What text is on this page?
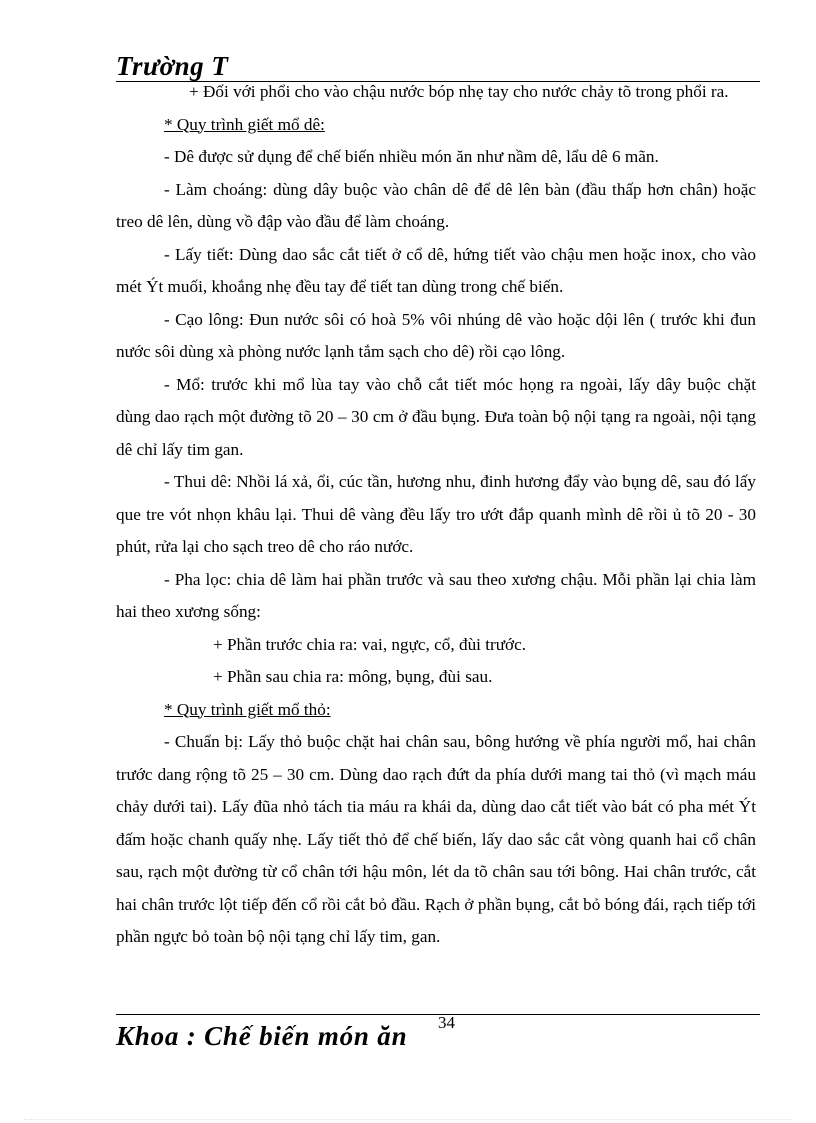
Trường T

+ Đối với phổi cho vào chậu nước bóp nhẹ tay cho nước chảy tõ trong phổi ra.

* Quy trình giết mổ dê:

- Dê được sử dụng để chế biến nhiều món ăn như nầm dê, lẩu dê 6 mãn.

- Làm choáng: dùng dây buộc vào chân dê để dê lên bàn (đầu thấp hơn chân) hoặc treo dê lên, dùng vồ đập vào đầu để làm choáng.

- Lấy tiết: Dùng dao sắc cắt tiết ở cổ dê, hứng tiết vào chậu men hoặc inox, cho vào mét Ýt muối, khoắng nhẹ đều tay để tiết tan dùng trong chế biến.

- Cạo lông: Đun nước sôi có hoà 5% vôi nhúng dê vào hoặc dội lên ( trước khi đun nước sôi dùng xà phòng nước lạnh tắm sạch cho dê) rồi cạo lông.

- Mổ: trước khi mổ lùa tay vào chỗ cắt tiết móc họng ra ngoài, lấy dây buộc chặt dùng dao rạch một đường tõ 20 – 30 cm ở đầu bụng. Đưa toàn bộ nội tạng ra ngoài, nội tạng dê chỉ lấy tim gan.

- Thui dê: Nhồi lá xả, ổi, cúc tần, hương nhu, đinh hương đẩy vào bụng dê, sau đó lấy que tre vót nhọn khâu lại. Thui dê vàng đều lấy tro ướt đắp quanh mình dê rồi ủ tõ 20 - 30 phút, rửa lại cho sạch treo dê cho ráo nước.

- Pha lọc: chia dê làm hai phần trước và sau theo xương chậu. Mỗi phần lại chia làm hai theo xương sống:

+ Phần trước chia ra: vai, ngực, cổ, đùi trước.

+ Phần sau chia ra: mông, bụng, đùi sau.

* Quy trình giết mổ thỏ:

- Chuẩn bị: Lấy thỏ buộc chặt hai chân sau, bông hướng về phía người mổ, hai chân trước dang rộng tõ 25 – 30 cm. Dùng dao rạch đứt da phía dưới mang tai thỏ (vì mạch máu chảy dưới tai). Lấy đũa nhỏ tách tia máu ra khái da, dùng dao cắt tiết vào bát có pha mét Ýt đấm hoặc chanh quấy nhẹ. Lấy tiết thỏ để chế biến, lấy dao sắc cắt vòng quanh hai cổ chân sau, rạch một đường từ cổ chân tới hậu môn, lét da tõ chân sau tới bông. Hai chân trước, cắt hai chân trước lột tiếp đến cổ rồi cắt bỏ đầu. Rạch ở phần bụng, cắt bỏ bóng đái, rạch tiếp tới phần ngực bỏ toàn bộ nội tạng chỉ lấy tim, gan.

Khoa : Chế biến món ăn 34
